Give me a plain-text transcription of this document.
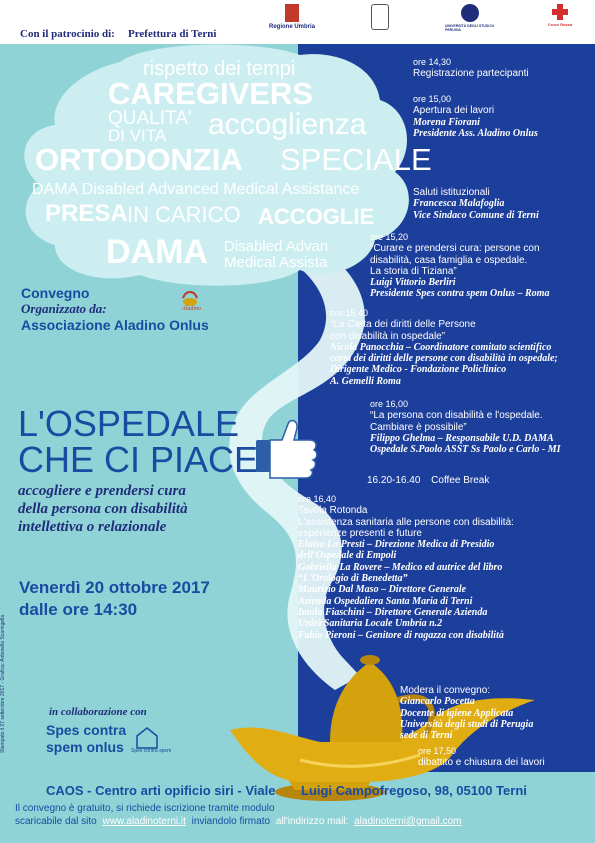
Con il patrocinio di: Prefettura di Terni
Regione Umbria	UNIVERSITÀ DEGLI STUDI DI PERUGIA
Croce Rossa
rispetto dei tempi
CAREGIVERS
QUALITA'
DI VITA accoglienza
ORTODONZIA SPECIALE
DAMA Disabled Advanced Medical Assistance
PRESA IN CARICO ACCOGLIE
DAMA Disabled Advan
Medical Assista
Convegno
Organizzato da:
Associazione Aladino Onlus
Aladino
L'OSPEDALE
CHE CI PIACE
accogliere e prendersi cura
della persona con disabilità
intellettiva o relazionale
Venerdì 20 ottobre 2017
dalle ore 14:30
Stampato il 27 settembre 2017 - Grafica: Antonella Scaringella	in collaborazione con
Spes contra
spem onlus Spes contra spem
ore 14,30
Registrazione partecipanti
ore 15,00
Apertura dei lavori
Morena Fiorani
Presidente Ass. Aladino Onlus
Saluti istituzionali
Francesca Malafoglia
Vice Sindaco Comune di Terni
ore 15,20
“Curare e prendersi cura: persone con
disabilità, casa famiglia e ospedale.
La storia di Tiziana”
Luigi Vittorio Berliri
Presidente Spes contra spem Onlus – Roma
ore 15,40
“La Carta dei diritti delle Persone
con disabilità in ospedale”
Nicola Panocchia – Coordinatore comitato scientifico
carta dei diritti delle persone con disabilità in ospedale;
Dirigente Medico - Fondazione Policlinico
A. Gemelli Roma
ore 16,00
“La persona con disabilità e l'ospedale.
Cambiare è possibile”
Filippo Ghelma – Responsabile U.D. DAMA
Ospedale S.Paolo ASST Ss Paolo e Carlo - MI
16.20-16.40 Coffee Break
ore 16,40
Tavola Rotonda
L'assistenza sanitaria alle persone con disabilità:
esperienze presenti e future
Eluisa Lo Presti – Direzione Medica di Presidio
dell'Ospedale di Empoli
Gabriella La Rovere – Medico ed autrice del libro
“L'Orologio di Benedetta”
Maurizio Dal Maso – Direttore Generale
Azienda Ospedaliera Santa Maria di Terni
Imolo Fiaschini – Direttore Generale Azienda
Unità Sanitaria Locale Umbria n.2
Fabio Pieroni – Genitore di ragazza con disabilità
Modera il convegno:
Giancarlo Pocetta
Docente di igiene Applicata
Università degli studi di Perugia
sede di Terni
ore 17,50
dibattito e chiusura dei lavori
CAOS - Centro arti opificio siri - Viale Luigi Campofregoso, 98, 05100 Terni
Il convegno è gratuito, si richiede iscrizione tramite modulo
scaricabile dal sito www.aladinoterni.it inviandolo firmato all'indirizzo mail: aladinoterni@gmail.com
